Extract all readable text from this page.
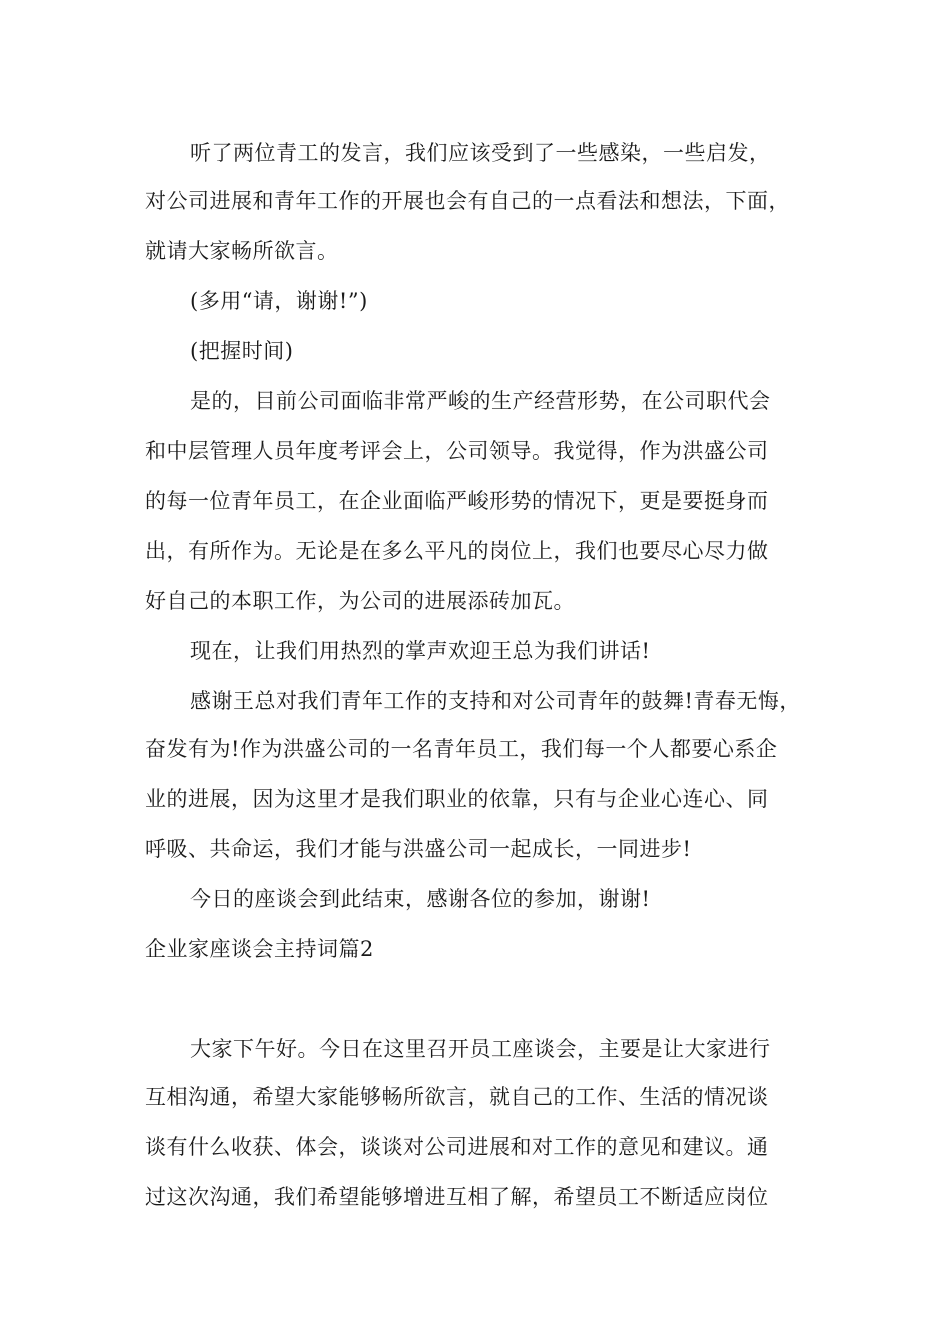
听了两位青工的发言，我们应该受到了一些感染，一些启发，
对公司进展和青年工作的开展也会有自己的一点看法和想法，下面，
就请大家畅所欲言。
(多用“请，谢谢!”)
(把握时间)
是的，目前公司面临非常严峻的生产经营形势，在公司职代会
和中层管理人员年度考评会上，公司领导。我觉得，作为洪盛公司
的每一位青年员工，在企业面临严峻形势的情况下，更是要挺身而
出，有所作为。无论是在多么平凡的岗位上，我们也要尽心尽力做
好自己的本职工作，为公司的进展添砖加瓦。
现在，让我们用热烈的掌声欢迎王总为我们讲话!
感谢王总对我们青年工作的支持和对公司青年的鼓舞!青春无悔，
奋发有为!作为洪盛公司的一名青年员工，我们每一个人都要心系企
业的进展，因为这里才是我们职业的依靠，只有与企业心连心、同
呼吸、共命运，我们才能与洪盛公司一起成长，一同进步!
今日的座谈会到此结束，感谢各位的参加，谢谢!
企业家座谈会主持词篇2
大家下午好。今日在这里召开员工座谈会，主要是让大家进行
互相沟通，希望大家能够畅所欲言，就自己的工作、生活的情况谈
谈有什么收获、体会，谈谈对公司进展和对工作的意见和建议。通
过这次沟通，我们希望能够增进互相了解，希望员工不断适应岗位
